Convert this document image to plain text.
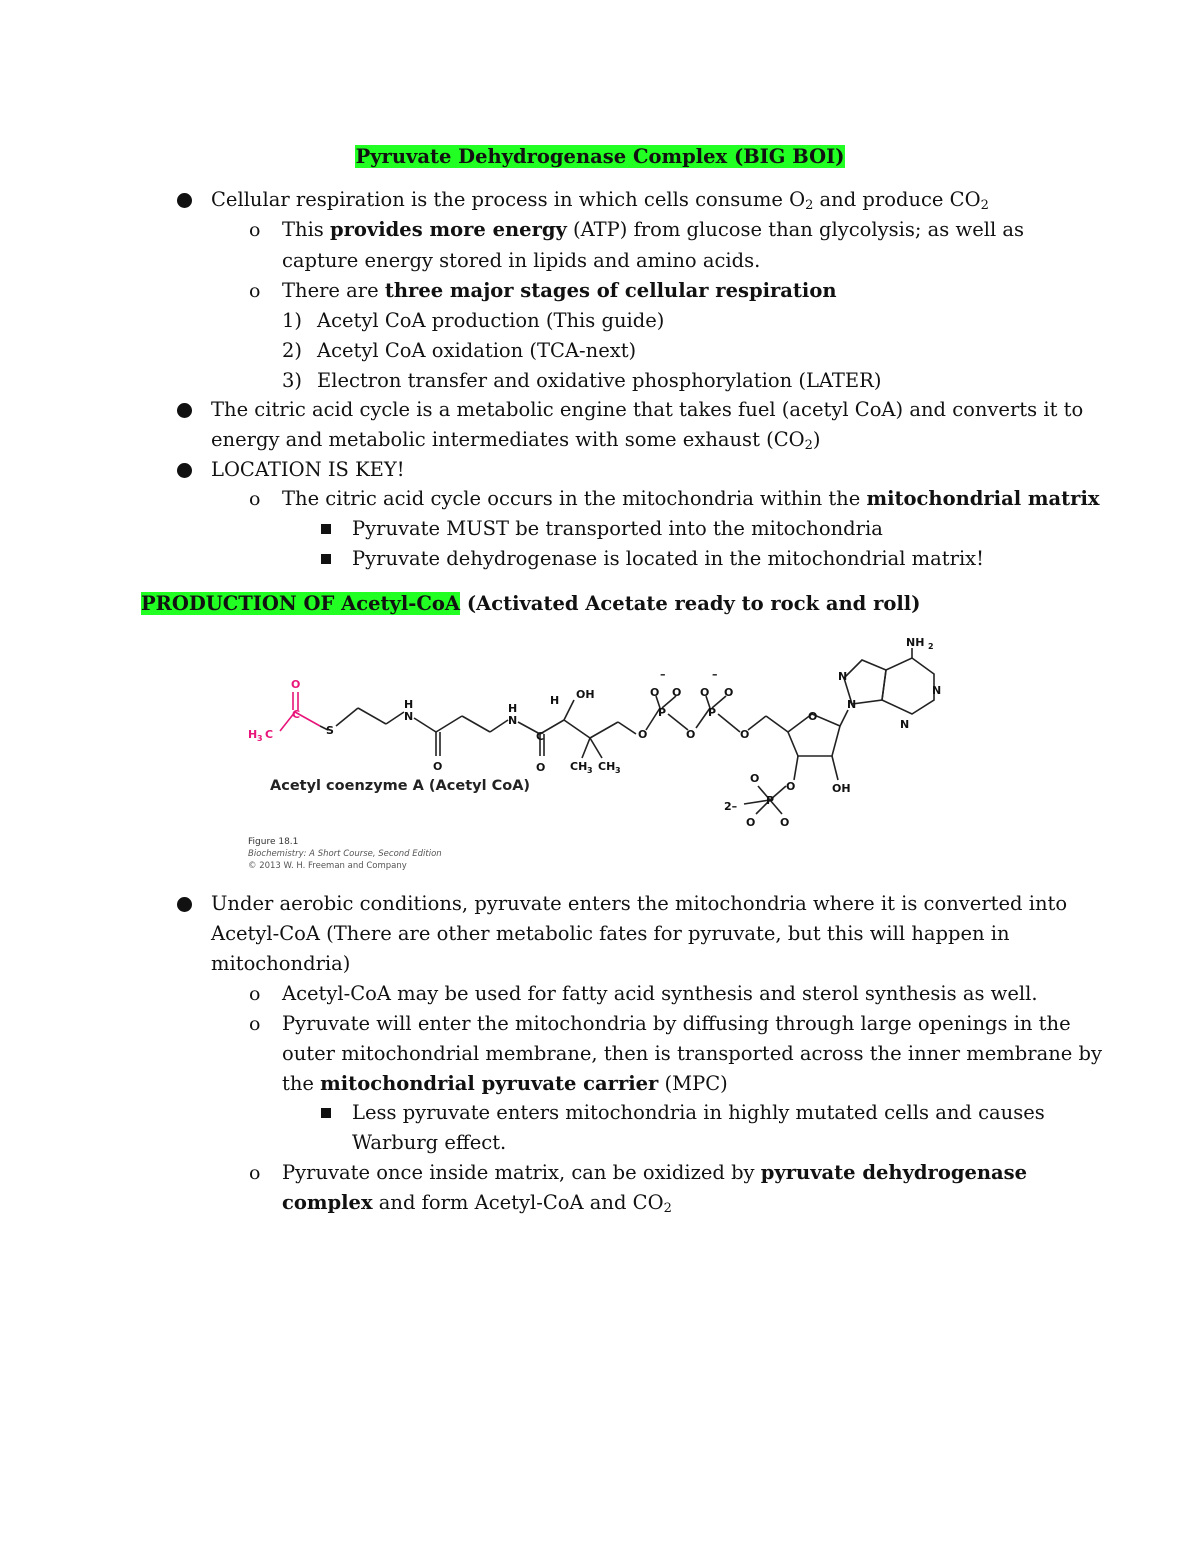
Pyruvate Dehydrogenase Complex (BIG BOI)
Cellular respiration is the process in which cells consume $O_2$ and produce $CO_2$
o This provides more energy (ATP) from glucose than glycolysis; as well as
capture energy stored in lipids and amino acids.
o There are three major stages of cellular respiration
1) Acetyl CoA production (This guide)
2) Acetyl CoA oxidation (TCA-next)
3) Electron transfer and oxidative phosphorylation (LATER)
The citric acid cycle is a metabolic engine that takes fuel (acetyl CoA) and converts it to
energy and metabolic intermediates with some exhaust $(CO_2)$
LOCATION IS KEY!
o The citric acid cycle occurs in the mitochondria within the mitochondrial matrix
Pyruvate MUST be transported into the mitochondria
Pyruvate dehydrogenase is located in the mitochondrial matrix!
PRODUCTION OF Acetyl-CoA (Activated Acetate ready to rock and roll)
O
C
H 3 C	S
H
N
O
H
N
C
O
H OH
CH 3 CH 3
O
–
O O
P
O
–
O O
P
O
O
O	OH
O
P
O
O
2–
N
N
N
N
NH 2
Acetyl coenzyme A (Acetyl CoA)
Figure 18.1
Biochemistry: A Short Course, Second Edition
© 2013 W. H. Freeman and Company
Under aerobic conditions, pyruvate enters the mitochondria where it is converted into
Acetyl-CoA (There are other metabolic fates for pyruvate, but this will happen in
mitochondria)
o Acetyl-CoA may be used for fatty acid synthesis and sterol synthesis as well.
o Pyruvate will enter the mitochondria by diffusing through large openings in the
outer mitochondrial membrane, then is transported across the inner membrane by
the mitochondrial pyruvate carrier (MPC)
Less pyruvate enters mitochondria in highly mutated cells and causes
Warburg effect.
o Pyruvate once inside matrix, can be oxidized by pyruvate dehydrogenase
complex and form Acetyl-CoA and $CO_2$
